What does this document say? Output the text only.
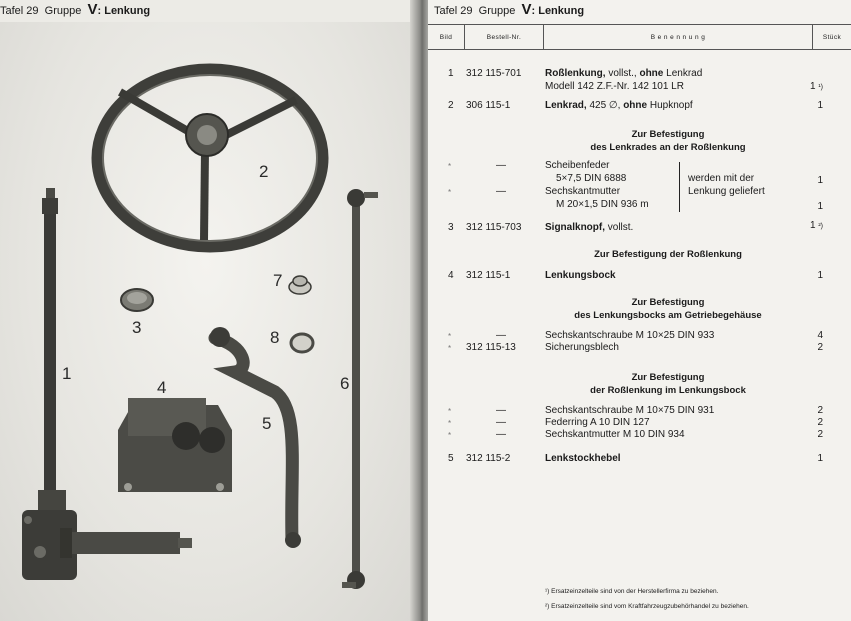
Tafel 29 Gruppe V: Lenkung
1
2
3
4
5
6
7
8
Tafel 29 Gruppe V: Lenkung
Bild	Bestell-Nr.	B e n e n n u n g	Stück
1 312 115-701 Roßlenkung, vollst., ohne Lenkrad
Modell 142 Z.F.-Nr. 142 101 LR	1 ¹)
2 306 115-1	Lenkrad, 425 ∅, ohne Hupknopf	1
Zur Befestigung
des Lenkrades an der Roßlenkung
*	—	Scheibenfeder
5×7,5 DIN 6888	1
*	—	Sechskantmutter
M 20×1,5 DIN 936 m	1
werden mit der
Lenkung geliefert
3 312 115-703 Signalknopf, vollst.	1 ²)
Zur Befestigung der Roßlenkung
4 312 115-1	Lenkungsbock	1
Zur Befestigung
des Lenkungsbocks am Getriebegehäuse
*	—	Sechskantschraube M 10×25 DIN 933	4
* 312 115-13	Sicherungsblech	2
Zur Befestigung
der Roßlenkung im Lenkungsbock
*	—	Sechskantschraube M 10×75 DIN 931	2
*	—	Federring A 10 DIN 127	2
*	—	Sechskantmutter M 10 DIN 934	2
5 312 115-2	Lenkstockhebel	1
¹) Ersatzeinzelteile sind von der Herstellerfirma zu beziehen.
²) Ersatzeinzelteile sind vom Kraftfahrzeugzubehörhandel zu beziehen.
